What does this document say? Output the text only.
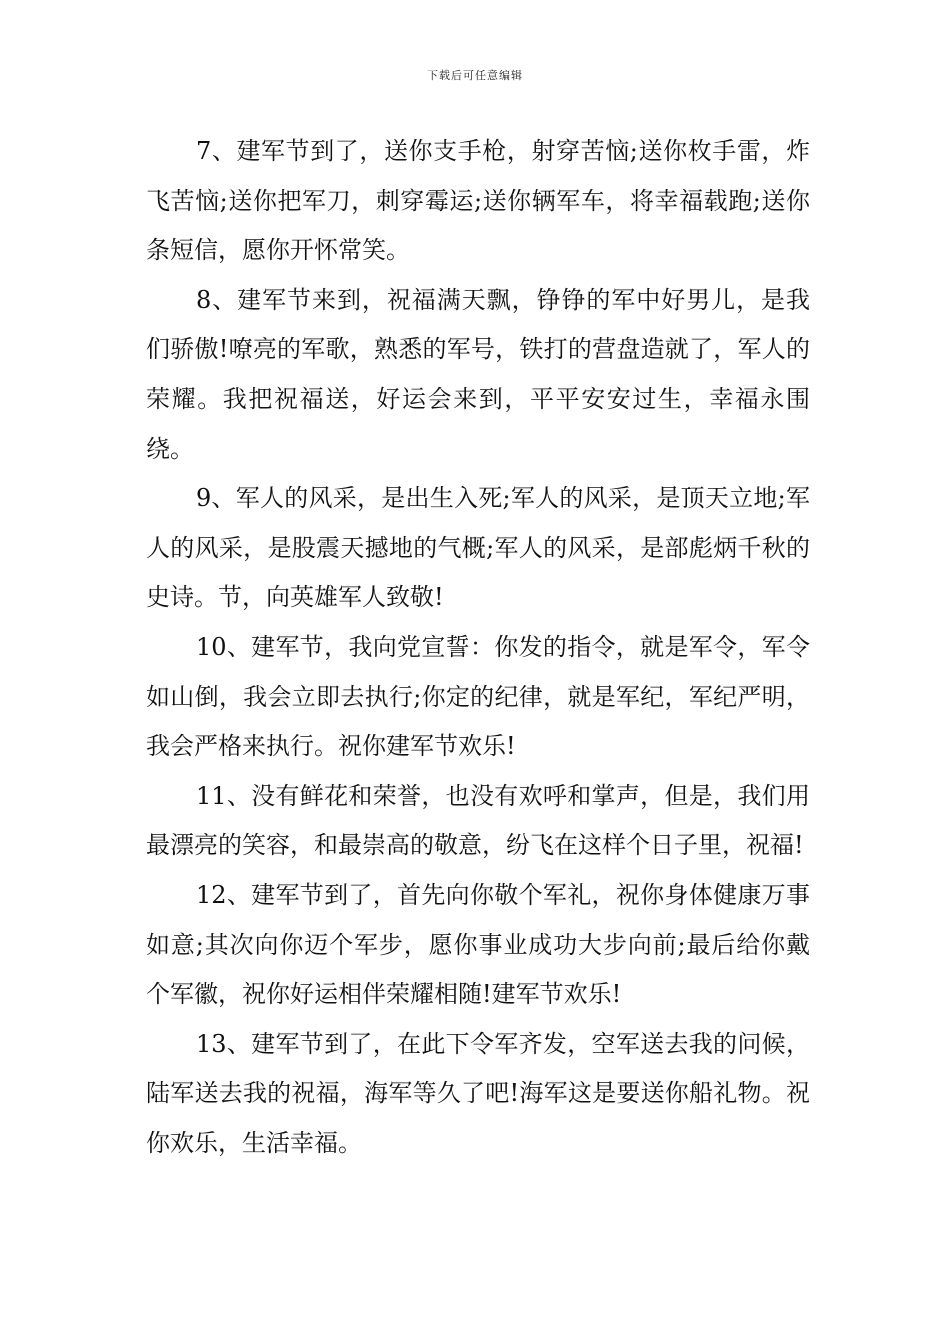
下载后可任意编辑

7、建军节到了，送你支手枪，射穿苦恼;送你枚手雷，炸飞苦恼;送你把军刀，刺穿霉运;送你辆军车，将幸福载跑;送你条短信，愿你开怀常笑。

8、建军节来到，祝福满天飘，铮铮的军中好男儿，是我们骄傲!嘹亮的军歌，熟悉的军号，铁打的营盘造就了，军人的荣耀。我把祝福送，好运会来到，平平安安过生，幸福永围绕。

9、军人的风采，是出生入死;军人的风采，是顶天立地;军人的风采，是股震天撼地的气概;军人的风采，是部彪炳千秋的史诗。节，向英雄军人致敬!

10、建军节，我向党宣誓：你发的指令，就是军令，军令如山倒，我会立即去执行;你定的纪律，就是军纪，军纪严明，我会严格来执行。祝你建军节欢乐!

11、没有鲜花和荣誉，也没有欢呼和掌声，但是，我们用最漂亮的笑容，和最崇高的敬意，纷飞在这样个日子里，祝福!

12、建军节到了，首先向你敬个军礼，祝你身体健康万事如意;其次向你迈个军步，愿你事业成功大步向前;最后给你戴个军徽，祝你好运相伴荣耀相随!建军节欢乐!

13、建军节到了，在此下令军齐发，空军送去我的问候，陆军送去我的祝福，海军等久了吧!海军这是要送你船礼物。祝你欢乐，生活幸福。
